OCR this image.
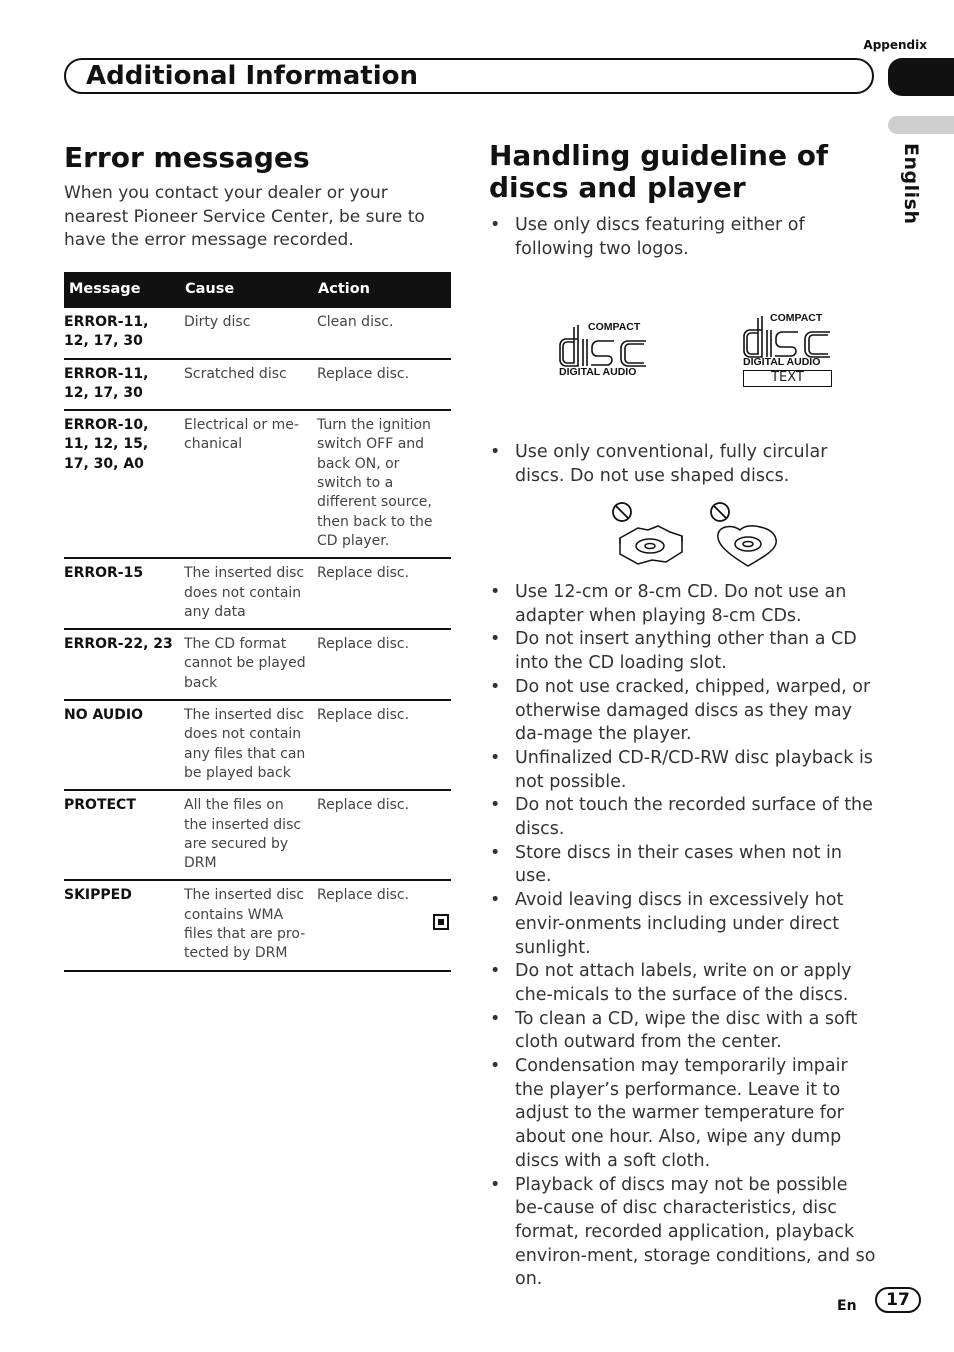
Appendix
Additional Information
English
Error messages
When you contact your dealer or your nearest Pioneer Service Center, be sure to have the error message recorded.
Message	Cause	Action
ERROR-11, 12, 17, 30	Dirty disc	Clean disc.
ERROR-11, 12, 17, 30	Scratched disc	Replace disc.
ERROR-10, 11, 12, 15, 17, 30, A0	Electrical or me-chanical	Turn the ignition switch OFF and back ON, or switch to a different source, then back to the CD player.
ERROR-15	The inserted disc does not contain any data	Replace disc.
ERROR-22, 23	The CD format cannot be played back	Replace disc.
NO AUDIO	The inserted disc does not contain any files that can be played back	Replace disc.
PROTECT	All the files on the inserted disc are secured by DRM	Replace disc.
SKIPPED	The inserted disc contains WMA files that are pro-tected by DRM	Replace disc.
Handling guideline of discs and player
• Use only discs featuring either of following two logos.
COMPACT
DIGITAL AUDIO
COMPACT
DIGITAL AUDIO
TEXT
• Use only conventional, fully circular discs. Do not use shaped discs.
• Use 12-cm or 8-cm CD. Do not use an adapter when playing 8-cm CDs.
• Do not insert anything other than a CD into the CD loading slot.
• Do not use cracked, chipped, warped, or otherwise damaged discs as they may da-mage the player.
• Unfinalized CD-R/CD-RW disc playback is not possible.
• Do not touch the recorded surface of the discs.
• Store discs in their cases when not in use.
• Avoid leaving discs in excessively hot envir-onments including under direct sunlight.
• Do not attach labels, write on or apply che-micals to the surface of the discs.
• To clean a CD, wipe the disc with a soft cloth outward from the center.
• Condensation may temporarily impair the player’s performance. Leave it to adjust to the warmer temperature for about one hour. Also, wipe any dump discs with a soft cloth.
• Playback of discs may not be possible be-cause of disc characteristics, disc format, recorded application, playback environ-ment, storage conditions, and so on.
En	17
